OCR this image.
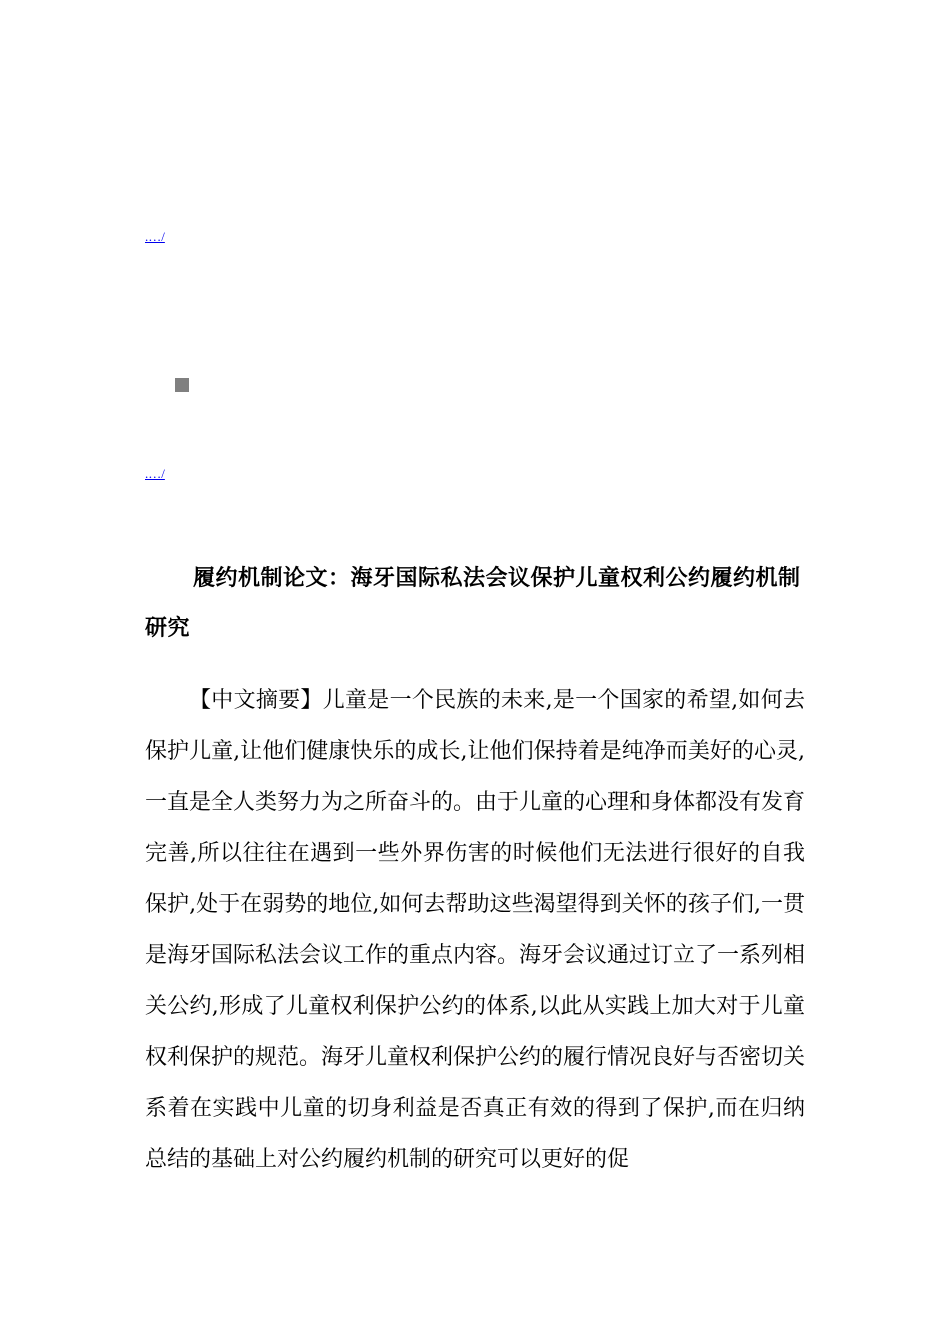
.…/
.…/
履约机制论文：海牙国际私法会议保护儿童权利公约履约机制研究

【中文摘要】儿童是一个民族的未来,是一个国家的希望,如何去保护儿童,让他们健康快乐的成长,让他们保持着是纯净而美好的心灵,一直是全人类努力为之所奋斗的。由于儿童的心理和身体都没有发育完善,所以往往在遇到一些外界伤害的时候他们无法进行很好的自我保护,处于在弱势的地位,如何去帮助这些渴望得到关怀的孩子们,一贯是海牙国际私法会议工作的重点内容。海牙会议通过订立了一系列相关公约,形成了儿童权利保护公约的体系,以此从实践上加大对于儿童权利保护的规范。海牙儿童权利保护公约的履行情况良好与否密切关系着在实践中儿童的切身利益是否真正有效的得到了保护,而在归纳总结的基础上对公约履约机制的研究可以更好的促
